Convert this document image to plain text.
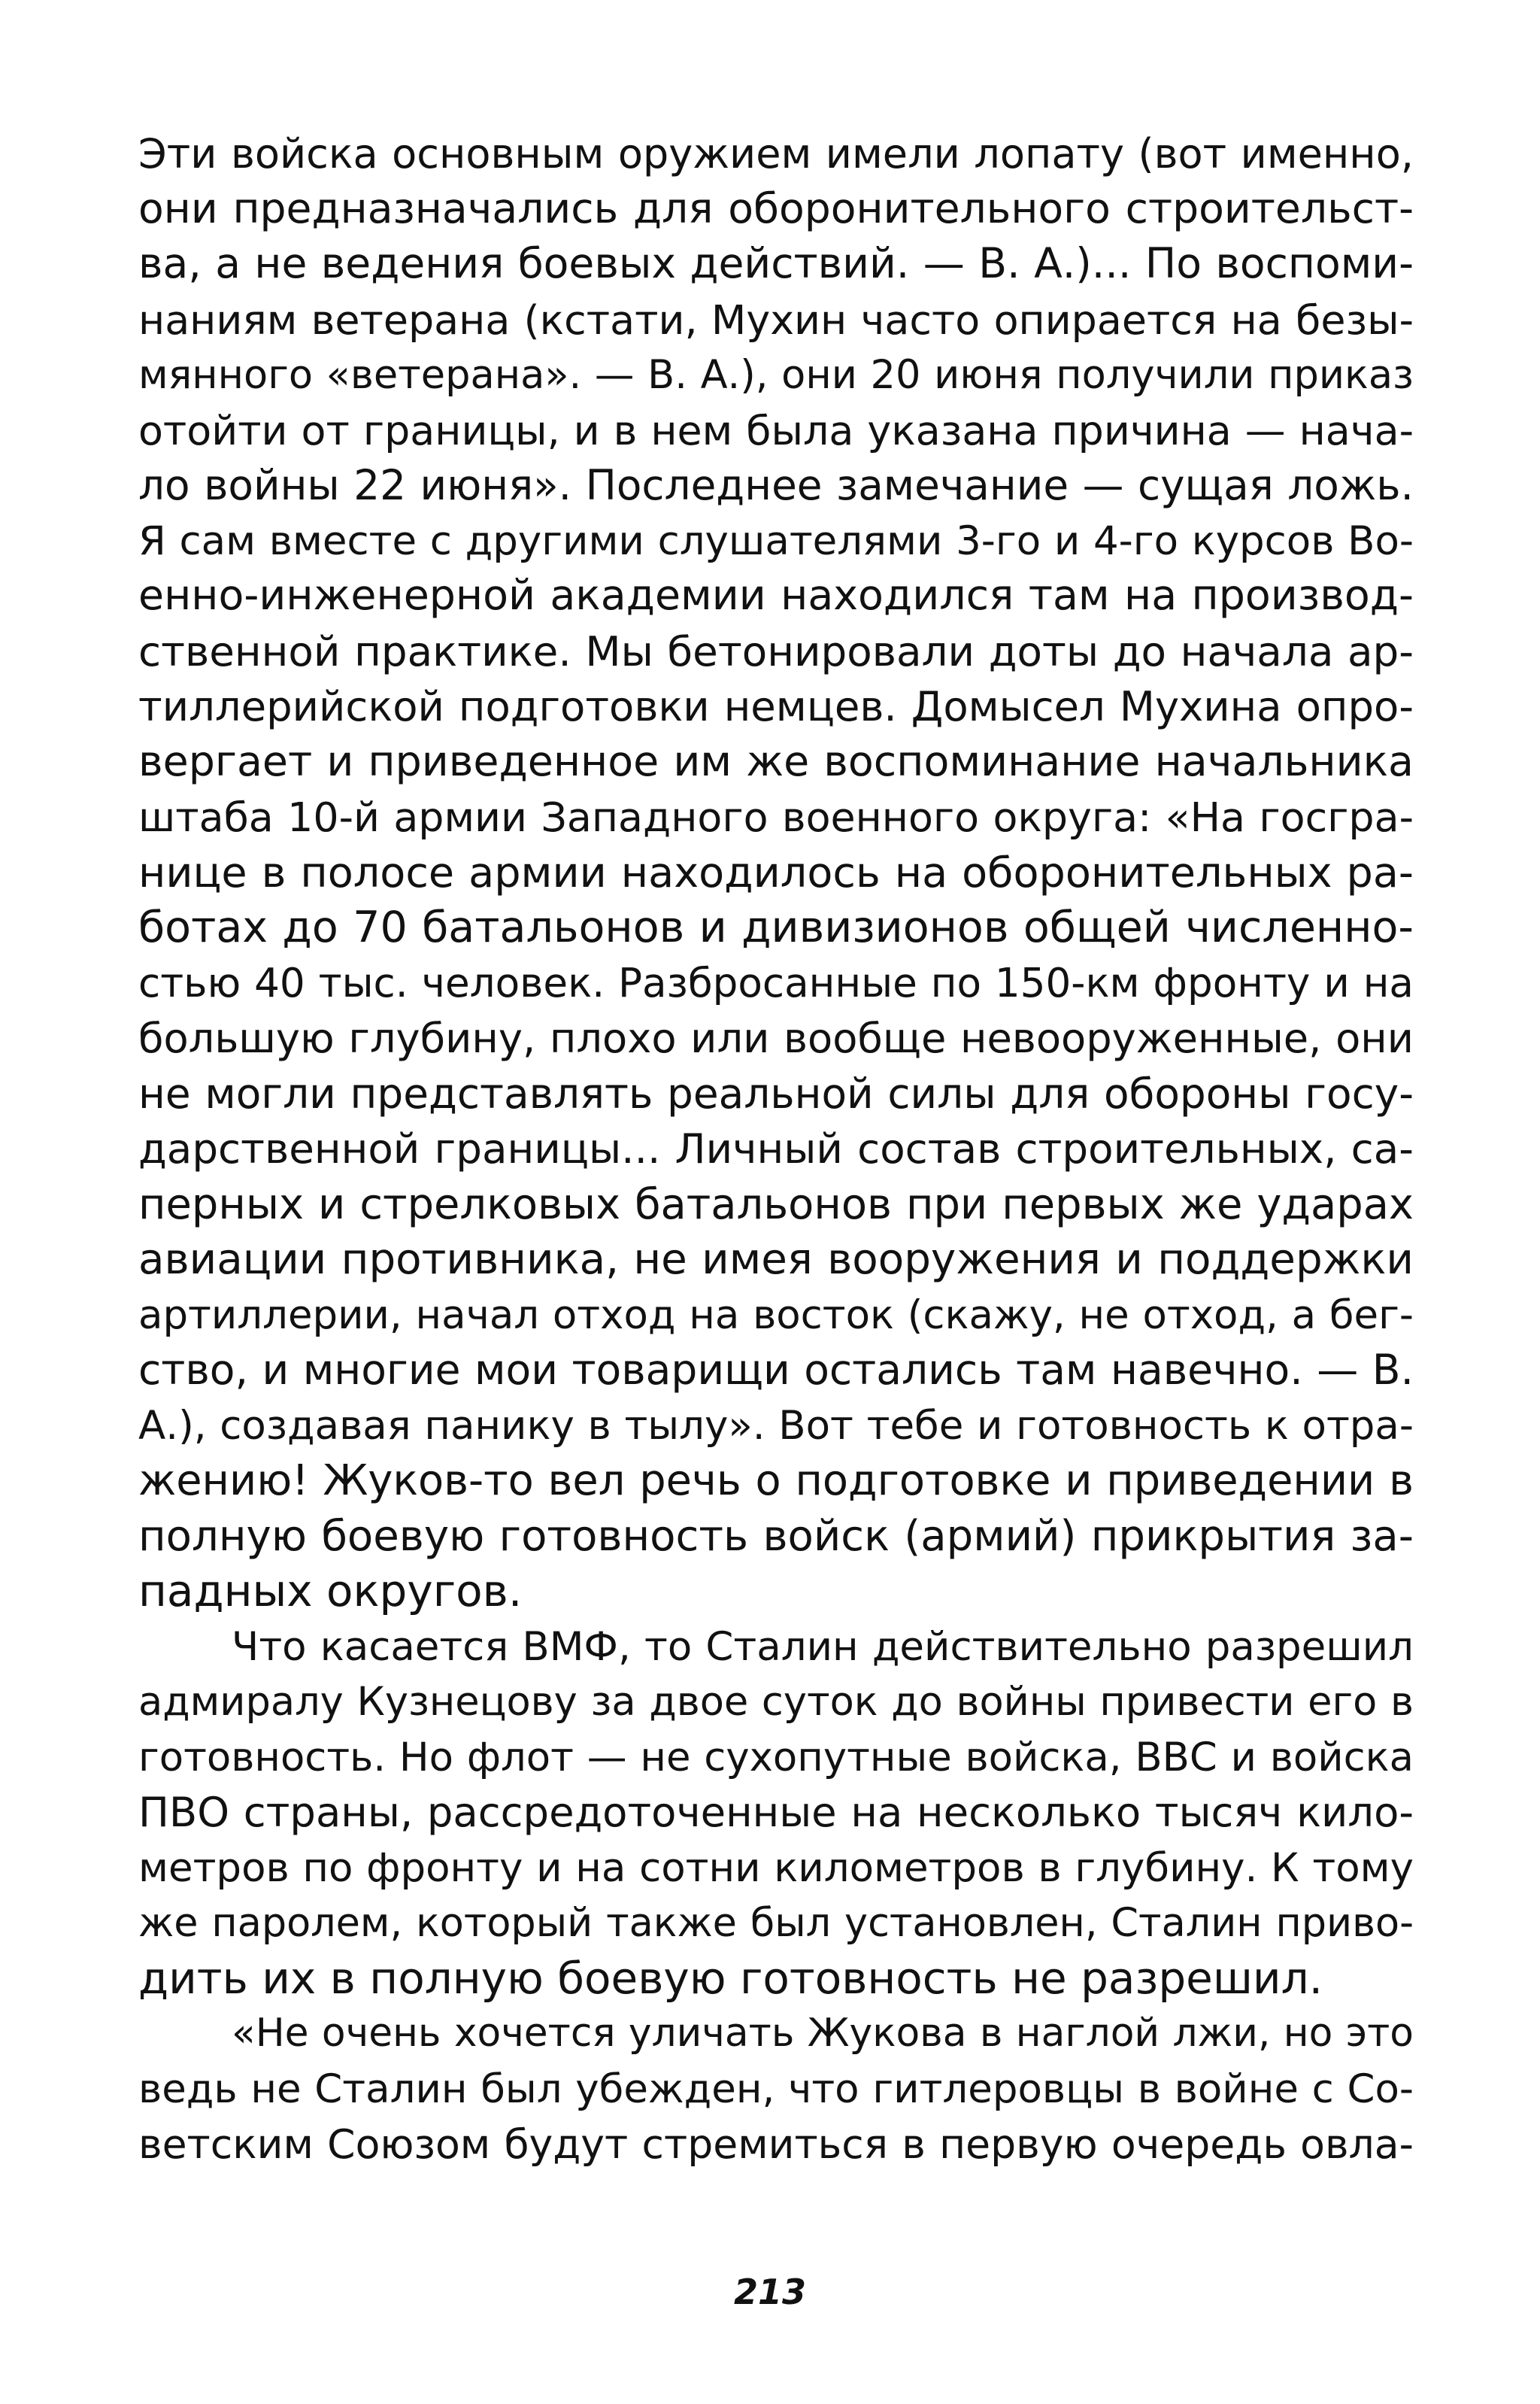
Эти войска основным оружием имели лопату (вот именно,
они предназначались для оборонительного строительст-
ва, а не ведения боевых действий. — В. А.)... По воспоми-
наниям ветерана (кстати, Мухин часто опирается на безы-
мянного «ветерана». — В. А.), они 20 июня получили приказ
отойти от границы, и в нем была указана причина — нача-
ло войны 22 июня». Последнее замечание — сущая ложь.
Я сам вместе с другими слушателями 3-го и 4-го курсов Во-
енно-инженерной академии находился там на производ-
ственной практике. Мы бетонировали доты до начала ар-
тиллерийской подготовки немцев. Домысел Мухина опро-
вергает и приведенное им же воспоминание начальника
штаба 10-й армии Западного военного округа: «На госгра-
нице в полосе армии находилось на оборонительных ра-
ботах до 70 батальонов и дивизионов общей численно-
стью 40 тыс. человек. Разбросанные по 150-км фронту и на
большую глубину, плохо или вообще невооруженные, они
не могли представлять реальной силы для обороны госу-
дарственной границы... Личный состав строительных, са-
перных и стрелковых батальонов при первых же ударах
авиации противника, не имея вооружения и поддержки
артиллерии, начал отход на восток (скажу, не отход, а бег-
ство, и многие мои товарищи остались там навечно. — В.
А.), создавая панику в тылу». Вот тебе и готовность к отра-
жению! Жуков-то вел речь о подготовке и приведении в
полную боевую готовность войск (армий) прикрытия за-
падных округов.
Что касается ВМФ, то Сталин действительно разрешил
адмиралу Кузнецову за двое суток до войны привести его в
готовность. Но флот — не сухопутные войска, ВВС и войска
ПВО страны, рассредоточенные на несколько тысяч кило-
метров по фронту и на сотни километров в глубину. К тому
же паролем, который также был установлен, Сталин приво-
дить их в полную боевую готовность не разрешил.
«Не очень хочется уличать Жукова в наглой лжи, но это
ведь не Сталин был убежден, что гитлеровцы в войне с Со-
ветским Союзом будут стремиться в первую очередь овла-
213
